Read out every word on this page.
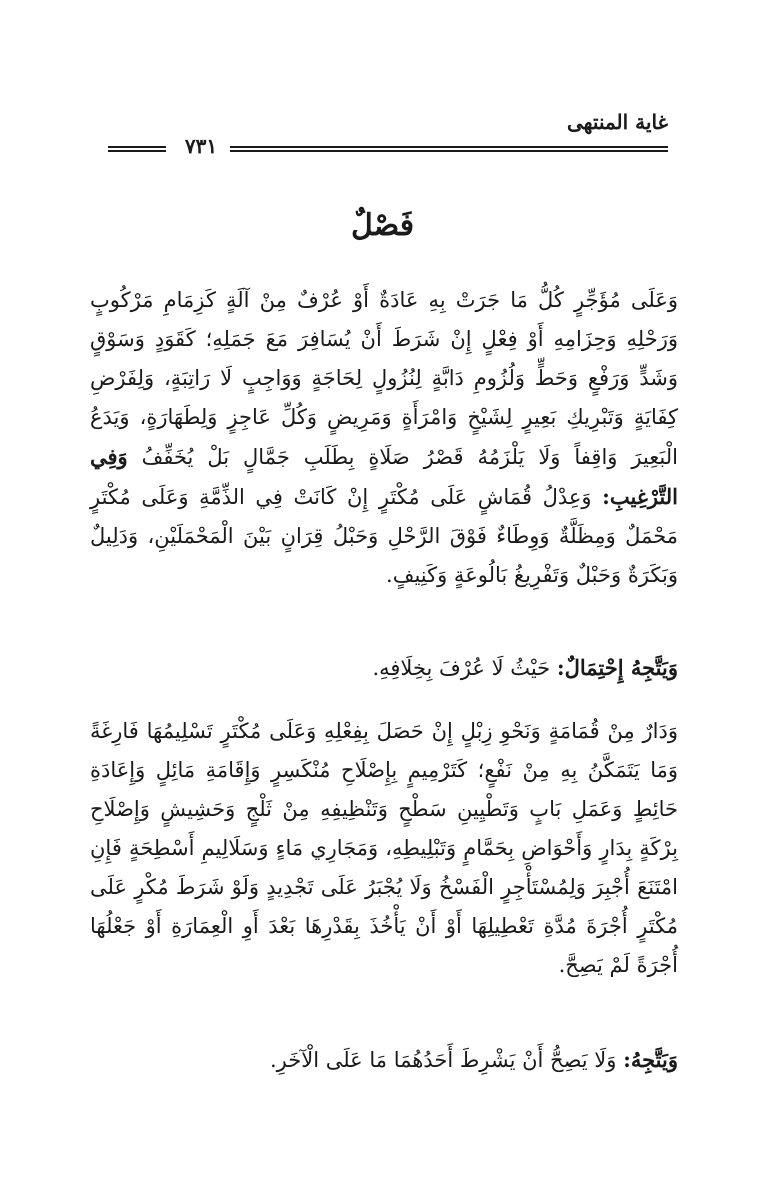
غاية المنتهى
٧٣١
فَصْلٌ
وَعَلَى مُؤَجِّرٍ كُلُّ مَا جَرَتْ بِهِ عَادَةٌ أَوْ عُرْفٌ مِنْ آلَةٍ كَزِمَامِ مَرْكُوبٍ وَرَحْلِهِ وَحِزَامِهِ أَوْ فِعْلٍ إِنْ شَرَطَ أَنْ يُسَافِرَ مَعَ جَمَلِهِ؛ كَقَوَدٍ وَسَوْقٍ وَشَدٍّ وَرَفْعٍ وَحَطٍّ وَلُزُومِ دَابَّةٍ لِنُزُولٍ لِحَاجَةٍ وَوَاجِبٍ لَا رَاتِبَةٍ، وَلِفَرْضِ كِفَايَةٍ وَتَبْرِيكِ بَعِيرٍ لِشَيْخٍ وَامْرَأَةٍ وَمَرِيضٍ وَكُلِّ عَاجِزٍ وَلِطَهَارَةٍ، وَيَدَعُ الْبَعِيرَ وَاقِفاً وَلَا يَلْزَمُهُ قَصْرُ صَلَاةٍ بِطَلَبِ جَمَّالٍ بَلْ يُخَفِّفُ وَفِي التَّرْغِيبِ: وَعِدْلُ قُمَاشٍ عَلَى مُكْتَرٍ إِنْ كَانَتْ فِي الذِّمَّةِ وَعَلَى مُكْتَرٍ مَحْمَلٌ وَمِظَلَّةٌ وَوِطَاءٌ فَوْقَ الرَّحْلِ وَحَبْلُ قِرَانٍ بَيْنَ الْمَحْمَلَيْنِ، وَدَلِيلٌ وَبَكَرَةٌ وَحَبْلٌ وَتَفْرِيغُ بَالُوعَةٍ وَكَنِيفٍ.
وَيَتَّجِهُ إِحْتِمَالٌ: حَيْثُ لَا عُرْفَ بِخِلَافِهِ.
وَدَارٌ مِنْ قُمَامَةٍ وَنَحْوِ زِبْلٍ إِنْ حَصَلَ بِفِعْلِهِ وَعَلَى مُكْتَرٍ تَسْلِيمُهَا فَارِغَةً وَمَا يَتَمَكَّنُ بِهِ مِنْ نَفْعٍ؛ كَتَرْمِيمٍ بِإِصْلَاحِ مُنْكَسِرٍ وَإِقَامَةِ مَائِلٍ وَإِعَادَةِ حَائِطٍ وَعَمَلِ بَابٍ وَتَطْيِينِ سَطْحٍ وَتَنْظِيفِهِ مِنْ ثَلْجٍ وَحَشِيشٍ وَإِصْلَاحِ بِرْكَةٍ بِدَارٍ وَأَحْوَاضِ بِحَمَّامٍ وَتَبْلِيطِهِ، وَمَجَارِي مَاءٍ وَسَلَالِيمِ أَسْطِحَةٍ فَإِنِ امْتَنَعَ أُجْبِرَ وَلِمُسْتَأْجِرٍ الْفَسْخُ وَلَا يُجْبَرُ عَلَى تَجْدِيدٍ وَلَوْ شَرَطَ مُكْرٍ عَلَى مُكْتَرٍ أُجْرَةَ مُدَّةِ تَعْطِيلِهَا أَوْ أَنْ يَأْخُذَ بِقَدْرِهَا بَعْدَ أَوِ الْعِمَارَةِ أَوْ جَعْلُهَا أُجْرَةً لَمْ يَصِحَّ.
وَيَتَّجِهُ: وَلَا يَصِحُّ أَنْ يَشْرِطَ أَحَدُهُمَا مَا عَلَى الْآخَرِ.
